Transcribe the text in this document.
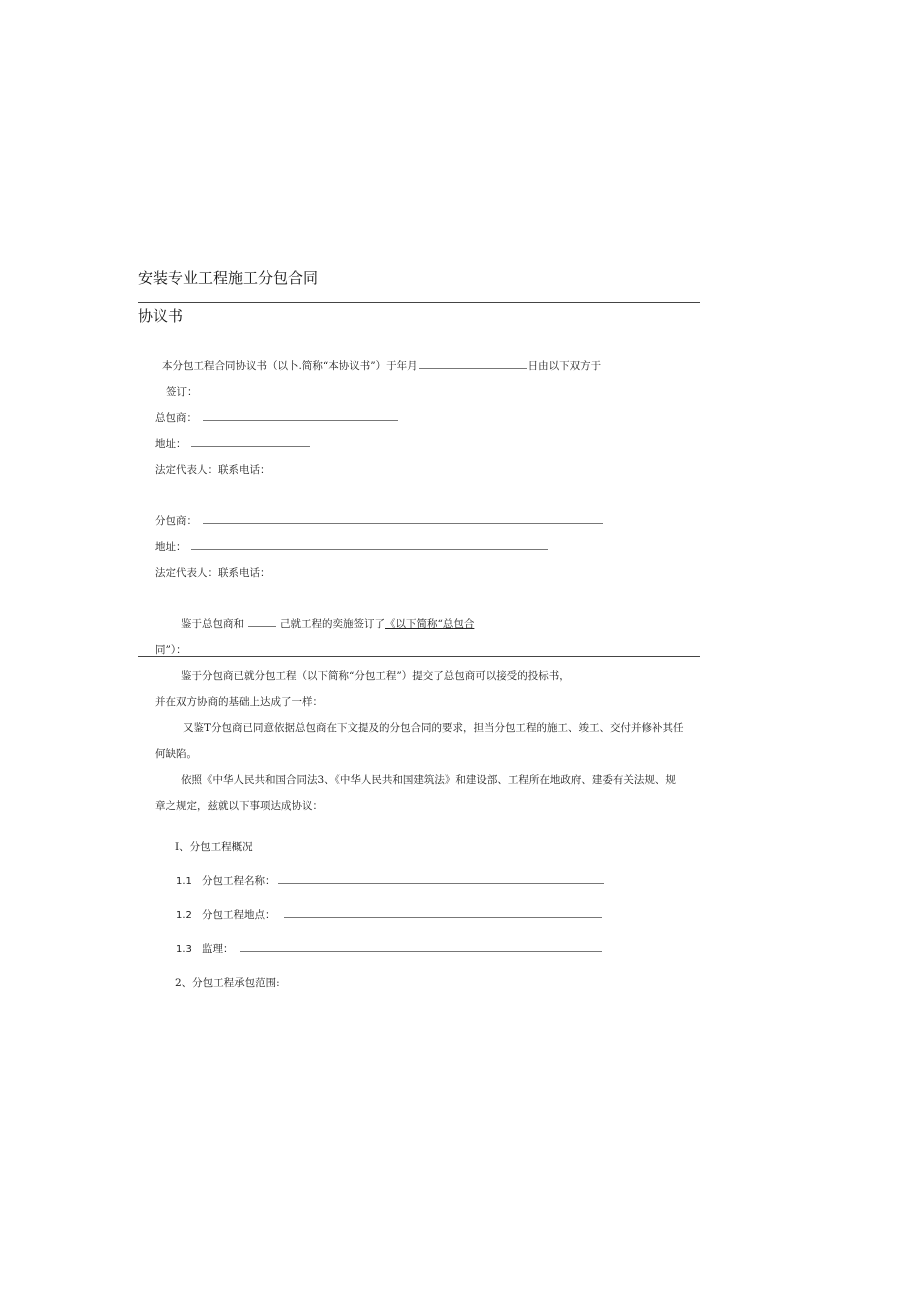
安装专业工程施工分包合同
协议书
本分包工程合同协议书（以卜.简称“本协议书”）于年月	日由以下双方于
签订：
总包商：
地址：
法定代表人：联系电话：
分包商：
地址：
法定代表人：联系电话：
鉴于总包商和	己就工程的奕施签订了《以下简称“总包合
同”）：
鉴于分包商已就分包工程（以下简称“分包工程”）提交了总包商可以接受的投标书，
并在双方协商的基础上达成了一样：
又鉴T分包商已同意依据总包商在下文提及的分包合同的要求，担当分包工程的施工、竣工、交付并修补其任
何缺陷。
依照《中华人民共和国合同法3、《中华人民共和国建筑法》和建设部、工程所在地政府、建委有关法规、规
章之规定，兹就以下事项达成协议：
I、分包工程概况
1.1 分包工程名称：
1.2 分包工程地点：
1.3 监理：
2、分包工程承包范围:
